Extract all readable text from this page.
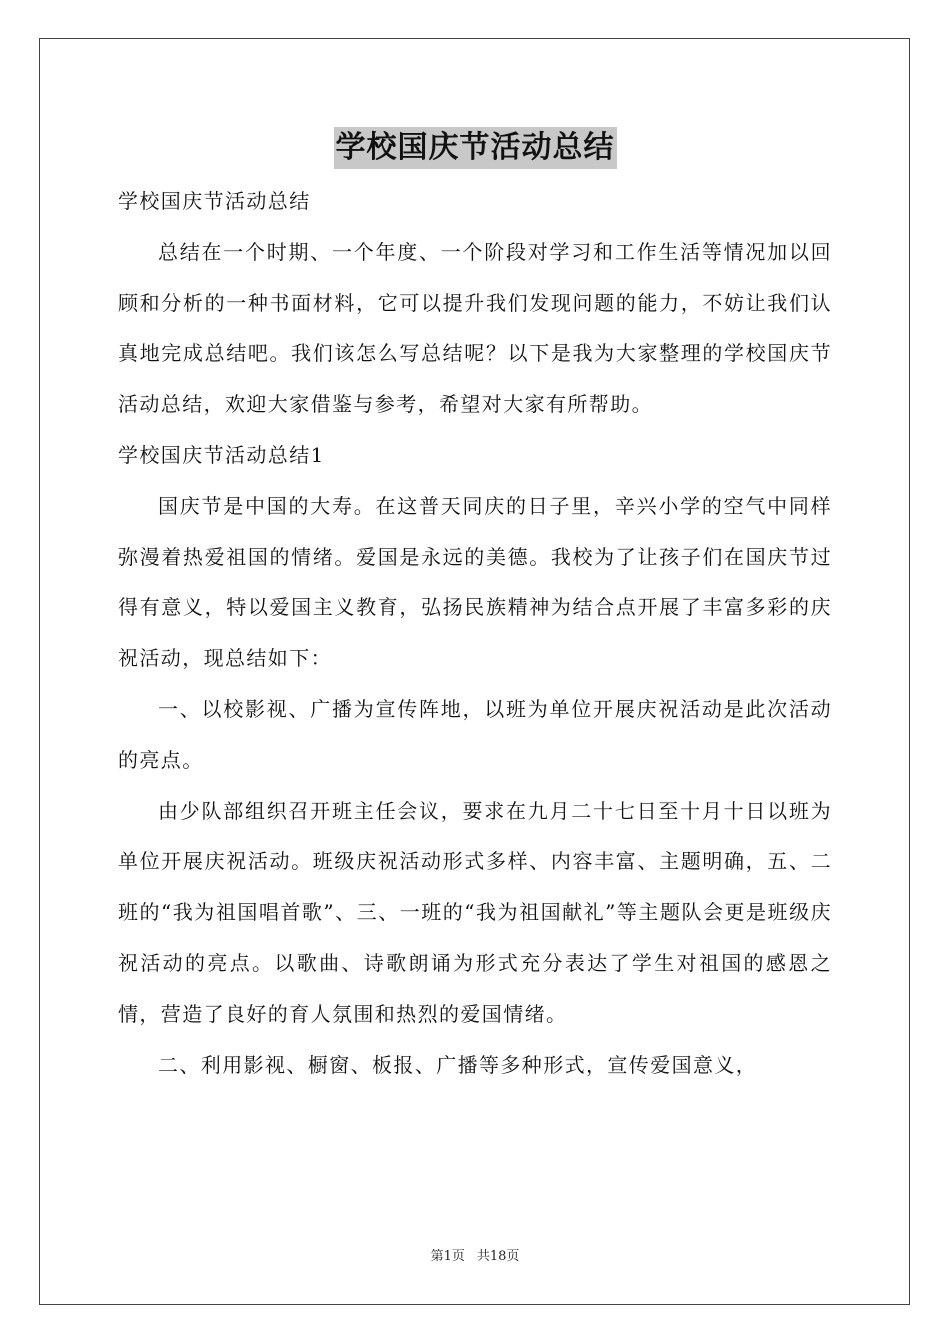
学校国庆节活动总结

学校国庆节活动总结

总结在一个时期、一个年度、一个阶段对学习和工作生活等情况加以回顾和分析的一种书面材料，它可以提升我们发现问题的能力，不妨让我们认真地完成总结吧。我们该怎么写总结呢？以下是我为大家整理的学校国庆节活动总结，欢迎大家借鉴与参考，希望对大家有所帮助。

学校国庆节活动总结1

国庆节是中国的大寿。在这普天同庆的日子里，辛兴小学的空气中同样弥漫着热爱祖国的情绪。爱国是永远的美德。我校为了让孩子们在国庆节过得有意义，特以爱国主义教育，弘扬民族精神为结合点开展了丰富多彩的庆祝活动，现总结如下：

一、以校影视、广播为宣传阵地，以班为单位开展庆祝活动是此次活动的亮点。

由少队部组织召开班主任会议，要求在九月二十七日至十月十日以班为单位开展庆祝活动。班级庆祝活动形式多样、内容丰富、主题明确，五、二班的“我为祖国唱首歌”、三、一班的“我为祖国献礼”等主题队会更是班级庆祝活动的亮点。以歌曲、诗歌朗诵为形式充分表达了学生对祖国的感恩之情，营造了良好的育人氛围和热烈的爱国情绪。

二、利用影视、橱窗、板报、广播等多种形式，宣传爱国意义，

第1页 共18页
